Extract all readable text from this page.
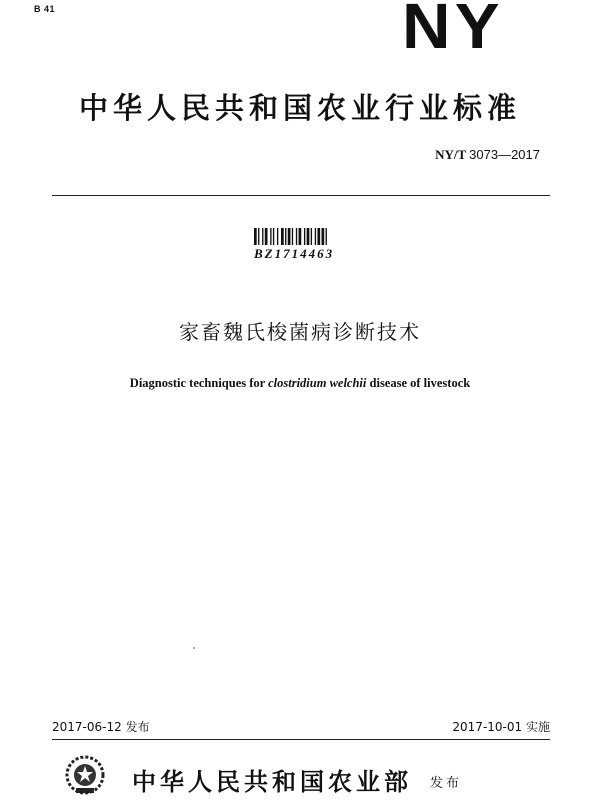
B 41	NY
中华人民共和国农业行业标准
NY/T 3073—2017
BZ1714463
家畜魏氏梭菌病诊断技术
Diagnostic techniques for clostridium welchii disease of livestock
2017-06-12 发布	2017-10-01 实施
中华人民共和国农业部 发布
